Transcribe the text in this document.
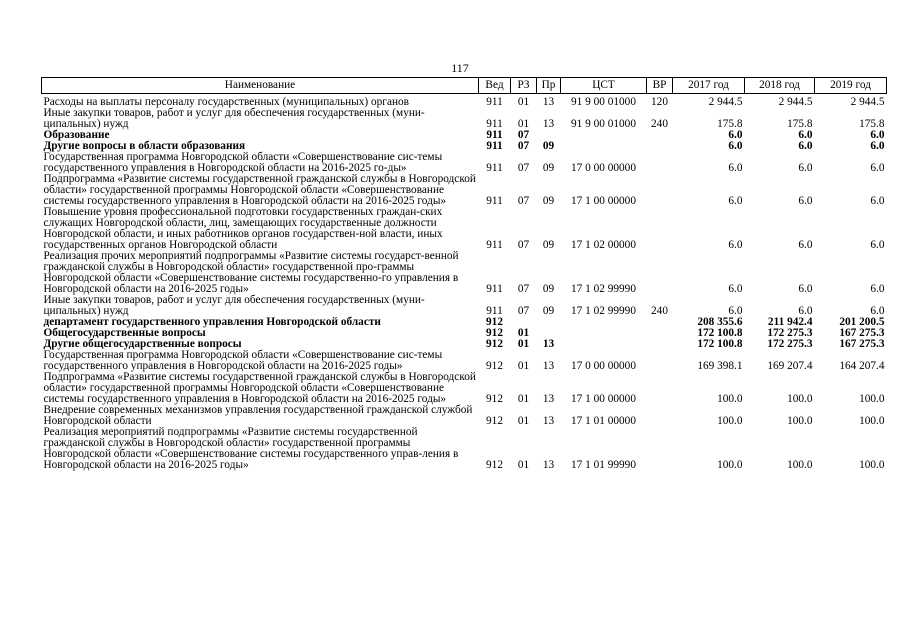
117
Наименование	Вед	РЗ	Пр	ЦСТ	ВР	2017 год	2018 год	2019 год
Расходы на выплаты персоналу государственных (муниципальных) органов	911	01	13	91 9 00 01000	120	2 944.5	2 944.5	2 944.5
Иные закупки товаров, работ и услуг для обеспечения государственных (муни-ципальных) нужд	911	01	13	91 9 00 01000	240	175.8	175.8	175.8
Образование	911	07				6.0	6.0	6.0
Другие вопросы в области образования	911	07	09			6.0	6.0	6.0
Государственная программа Новгородской области «Совершенствование сис-темы государственного управления в Новгородской области на 2016-2025 го-ды»	911	07	09	17 0 00 00000		6.0	6.0	6.0
Подпрограмма «Развитие системы государственной гражданской службы в Новгородской области» государственной программы Новгородской области «Совершенствование системы государственного управления в Новгородской области на 2016-2025 годы»	911	07	09	17 1 00 00000		6.0	6.0	6.0
Повышение уровня профессиональной подготовки государственных граждан-ских служащих Новгородской области, лиц, замещающих государственные должности Новгородской области, и иных работников органов государствен-ной власти, иных государственных органов Новгородской области	911	07	09	17 1 02 00000		6.0	6.0	6.0
Реализация прочих мероприятий подпрограммы «Развитие системы государст-венной гражданской службы в Новгородской области» государственной про-граммы Новгородской области «Совершенствование системы государственно-го управления в Новгородской области на 2016-2025 годы»	911	07	09	17 1 02 99990		6.0	6.0	6.0
Иные закупки товаров, работ и услуг для обеспечения государственных (муни-ципальных) нужд	911	07	09	17 1 02 99990	240	6.0	6.0	6.0
департамент государственного управления Новгородской области	912					208 355.6	211 942.4	201 200.5
Общегосударственные вопросы	912	01				172 100.8	172 275.3	167 275.3
Другие общегосударственные вопросы	912	01	13			172 100.8	172 275.3	167 275.3
Государственная программа Новгородской области «Совершенствование сис-темы государственного управления в Новгородской области на 2016-2025 годы»	912	01	13	17 0 00 00000		169 398.1	169 207.4	164 207.4
Подпрограмма «Развитие системы государственной гражданской службы в Новгородской области» государственной программы Новгородской области «Совершенствование системы государственного управления в Новгородской области на 2016-2025 годы»	912	01	13	17 1 00 00000		100.0	100.0	100.0
Внедрение современных механизмов управления государственной гражданской службой Новгородской области	912	01	13	17 1 01 00000		100.0	100.0	100.0
Реализация мероприятий подпрограммы «Развитие системы государственной гражданской службы в Новгородской области» государственной программы Новгородской области «Совершенствование системы государственного управ-ления в Новгородской области на 2016-2025 годы»	912	01	13	17 1 01 99990		100.0	100.0	100.0
